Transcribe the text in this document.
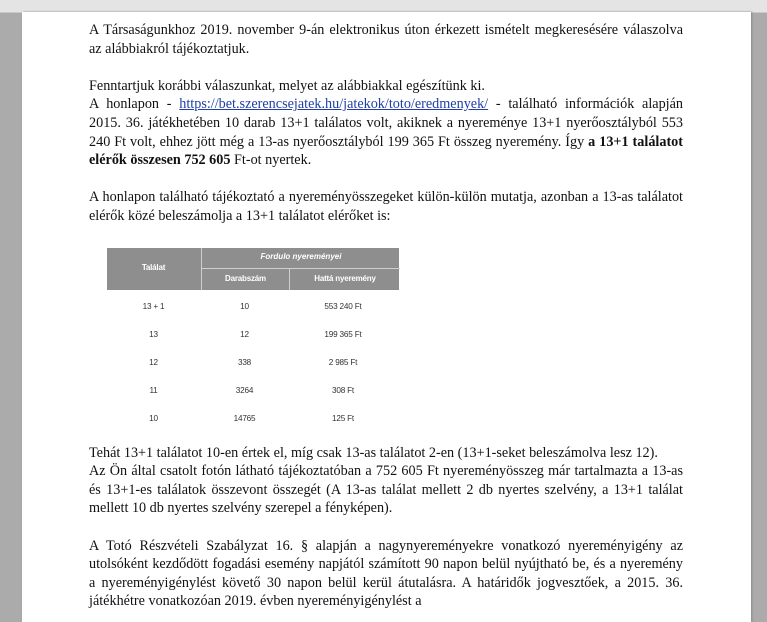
A Társaságunkhoz 2019. november 9-án elektronikus úton érkezett ismételt megkeresésére válaszolva az alábbiakról tájékoztatjuk.

Fenntartjuk korábbi válaszunkat, melyet az alábbiakkal egészítünk ki.

A honlapon - https://bet.szerencsejatek.hu/jatekok/toto/eredmenyek/ - található információk alapján 2015. 36. játékhetében 10 darab 13+1 találatos volt, akiknek a nyereménye 13+1 nyerőosztályból 553 240 Ft volt, ehhez jött még a 13-as nyerőosztályból 199 365 Ft összeg nyeremény. Így a 13+1 találatot elérők összesen 752 605 Ft-ot nyertek.

A honlapon található tájékoztató a nyereményösszegeket külön-külön mutatja, azonban a 13-as találatot elérők közé beleszámolja a 13+1 találatot elérőket is:

Találat
Fordulo nyereményei
Darabszám	Hattá nyeremény
13 + 1	10	553 240 Ft
13	12	199 365 Ft
12	338	2 985 Ft
11	3264	308 Ft
10	14765	125 Ft

Tehát 13+1 találatot 10-en értek el, míg csak 13-as találatot 2-en (13+1-seket beleszámolva lesz 12).

Az Ön által csatolt fotón látható tájékoztatóban a 752 605 Ft nyereményösszeg már tartalmazta a 13-as és 13+1-es találatok összevont összegét (A 13-as találat mellett 2 db nyertes szelvény, a 13+1 találat mellett 10 db nyertes szelvény szerepel a fényképen).

A Totó Részvételi Szabályzat 16. § alapján a nagynyereményekre vonatkozó nyereményigény az utolsóként kezdődött fogadási esemény napjától számított 90 napon belül nyújtható be, és a nyeremény a nyereményigénylést követő 30 napon belül kerül átutalásra. A határidők jogvesztőek, a 2015. 36. játékhétre vonatkozóan 2019. évben nyereményigénylést a
